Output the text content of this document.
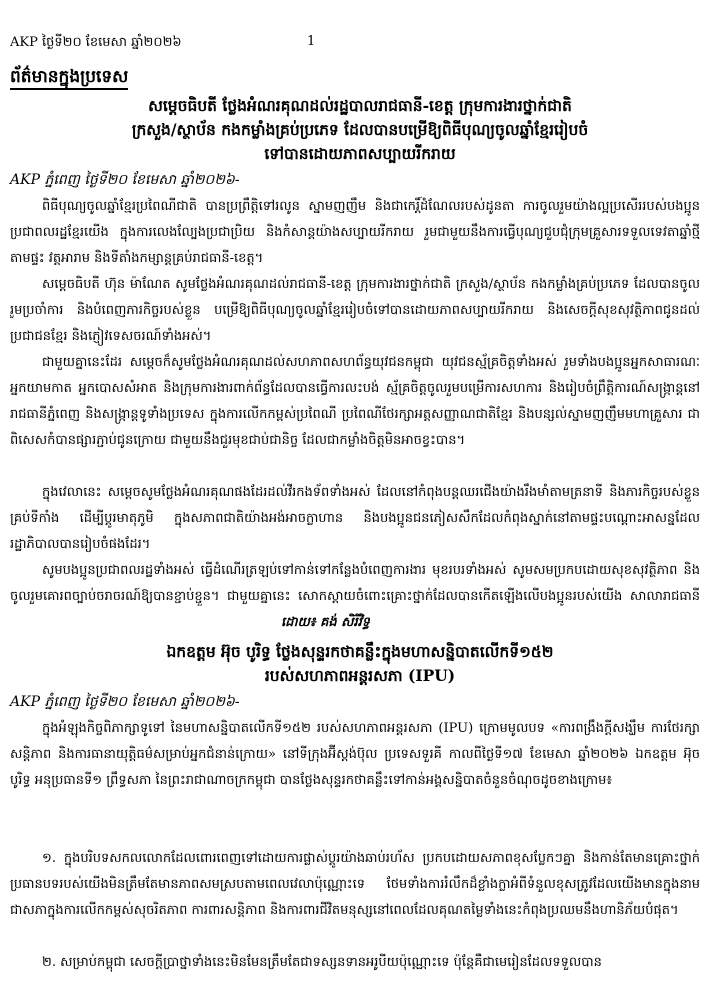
AKP ថ្ងៃទី២០ ខែមេសា ឆ្នាំ២០២៦	1
ព័ត៌មានក្នុងប្រទេស
សម្តេចធិបតី ថ្លែងអំណរគុណដល់រដ្ឋបាលរាជធានី-ខេត្ត ក្រុមការងារថ្នាក់ជាតិ
ក្រសួង/ស្ថាប័ន កងកម្លាំងគ្រប់ប្រភេទ ដែលបានបម្រើឱ្យពិធីបុណ្យចូលឆ្នាំខ្មែររៀបចំ
ទៅបានដោយភាពសប្បាយរីករាយ
AKP ភ្នំពេញ ថ្ងៃទី២០ ខែមេសា ឆ្នាំ២០២៦-

ពិធីបុណ្យចូលឆ្នាំខ្មែរប្រពៃណីជាតិ បានប្រព្រឹត្តិទៅរលូន ស្នាមញញឹម និងជាកេរ្តិ៍ដំណែលរបស់ដូនតា ការចូលរួមយ៉ាងល្អប្រសើររបស់បងប្អូនប្រជាពលរដ្ឋខ្មែរយើង ក្នុងការលេងល្បែងប្រជាប្រិយ និងកំសាន្តយ៉ាងសប្បាយរីករាយ រួមជាមួយនឹងការធ្វើបុណ្យជួបជុំក្រុមគ្រួសារទទួលទេវតាឆ្នាំថ្មីតាមផ្ទះ វត្តអារាម និងទីតាំងកម្សាន្តគ្រប់រាជធានី-ខេត្ត។

សម្តេចធិបតី ហ៊ុន ម៉ាណែត សូមថ្លែងអំណរគុណដល់រាជធានី-ខេត្ត ក្រុមការងារថ្នាក់ជាតិ ក្រសួង/ស្ថាប័ន កងកម្លាំងគ្រប់ប្រភេទ ដែលបានចូលរួមប្រចាំការ និងបំពេញភារកិច្ចរបស់ខ្លួន បម្រើឱ្យពិធីបុណ្យចូលឆ្នាំខ្មែររៀបចំទៅបានដោយភាពសប្បាយរីករាយ និងសេចក្តីសុខសុវត្ថិភាពជូនដល់ប្រជាជនខ្មែរ និងភ្ញៀវទេសចរណ៍ទាំងអស់។

ជាមួយគ្នានេះដែរ សម្តេចក៏សូមថ្លែងអំណរគុណដល់សហភាពសហព័ន្ធយុវជនកម្ពុជា យុវជនស្ម័គ្រចិត្តទាំងអស់ រួមទាំងបងប្អូនអ្នកសាធារណៈ អ្នកយាមកាត អ្នកបោសសំអាត និងក្រុមការងារពាក់ព័ន្ធដែលបានធ្វើការលះបង់ ស្ម័គ្រចិត្តចូលរួមបម្រើការសហការ និងរៀបចំព្រឹត្តិការណ៍សង្ក្រាន្តនៅរាជធានីភ្នំពេញ និងសង្ក្រាន្តទូទាំងប្រទេស ក្នុងការលើកកម្ពស់ប្រពៃណី ប្រពៃណីថែរក្សាអត្តសញ្ញាណជាតិខ្មែរ និងបន្សល់ស្នាមញញឹមមហាគ្រួសារ ជាពិសេសកំបានផ្សារភ្ជាប់ជូនក្រោយ ជាមួយនឹងជួរមុខជាប់ជានិច្ច ដែលជាកម្លាំងចិត្តមិនអាចខ្វះបាន។

ក្នុងវេលានេះ សម្តេចសូមថ្លែងអំណរគុណផងដែរដល់វីរកងទ័ពទាំងអស់ ដែលនៅកំពុងបន្តឈរជើងយ៉ាងរឹងមាំតាមត្រនាទី និងភារកិច្ចរបស់ខ្លួនគ្រប់ទីកាំង ដើម្បីប្តូរមាតុភូមិ ក្នុងសភាពជាតិយ៉ាងអង់អាចក្លាហាន និងបងប្អូនជនភៀសសឹកដែលកំពុងស្នាក់នៅតាមផ្ទះបណ្តោះអាសន្នដែលរដ្ឋាភិបាលបានរៀបចំផងដែរ។

សូមបងប្អូនប្រជាពលរដ្ឋទាំងអស់ ធ្វើដំណើរត្រឡប់ទៅកាន់ទៅកន្លែងបំពេញការងារ មុខរបរទាំងអស់ សូមសមប្រកបដោយសុខសុវត្ថិភាព និងចូលរួមគោរពច្បាប់ចរាចរណ៍ឱ្យបានខ្ជាប់ខ្ជួន។ ជាមួយគ្នានេះ សោកស្តាយចំពោះគ្រោះថ្នាក់ដែលបានកើតឡើងលើបងប្អូនរបស់យើង សាលារាជធានី

ដោយ៖ គង់ សិរីវិទ្ធ

ឯកឧត្តម អ៊ុច បូរិទ្ធ ថ្លែងសុន្ទរកថាគន្លឹះក្នុងមហាសន្និបាតលើកទី១៥២
របស់សហភាពអន្តរសភា (IPU)
AKP ភ្នំពេញ ថ្ងៃទី២០ ខែមេសា ឆ្នាំ២០២៦-

ក្នុងអំឡុងកិច្ចពិភាក្សាទូទៅ នៃមហាសន្និបាតលើកទី១៥២ របស់សហភាពអន្តរសភា (IPU) ក្រោមមូលបទ «ការពង្រឹងក្តីសង្ឃឹម ការថែរក្សាសន្តិភាព និងការធានាយុត្តិធម៌សម្រាប់អ្នកជំនាន់ក្រោយ» នៅទីក្រុងអ៊ីស្តង់ប៊ុល ប្រទេសទួរគី កាលពីថ្ងៃទី១៧ ខែមេសា ឆ្នាំ២០២៦ ឯកឧត្តម អ៊ុច បូរិទ្ធ អនុប្រធានទី១ ព្រឹទ្ធសភា នៃព្រះរាជាណាចក្រកម្ពុជា បានថ្លែងសុន្ទរកថាគន្លឹះទៅកាន់អង្គសន្និបាតចំនួនចំណុចដូចខាងក្រោម៖

១. ក្នុងបរិបទសកលលោកដែលពោរពេញទៅដោយការផ្លាស់ប្តូរយ៉ាងឆាប់រហ័ស ប្រកបដោយសភាពខុសប្លែកៗគ្នា និងកាន់តែមានគ្រោះថ្នាក់ ប្រធានបទរបស់យើងមិនត្រឹមតែមានភាពសមស្របតាមពេលវេលាប៉ុណ្ណោះទេ ថែមទាំងការរំលឹកដ៏ខ្លាំងក្លាអំពីទំនួលខុសត្រូវដែលយើងមានក្នុងនាមជាសភាក្នុងការលើកកម្ពស់សុចរិតភាព ការពារសន្តិភាព និងការពារជីវិតមនុស្សនៅពេលដែលគុណតម្លៃទាំងនេះកំពុងប្រឈមនឹងហានិភ័យបំផុត។

២. សម្រាប់កម្ពុជា សេចក្តីប្រាថ្នាទាំងនេះមិនមែនត្រឹមតែជាទស្សនទានអរូបីយប៉ុណ្ណោះទេ ប៉ុន្តែគឺជាមេរៀនដែលទទួលបាន
